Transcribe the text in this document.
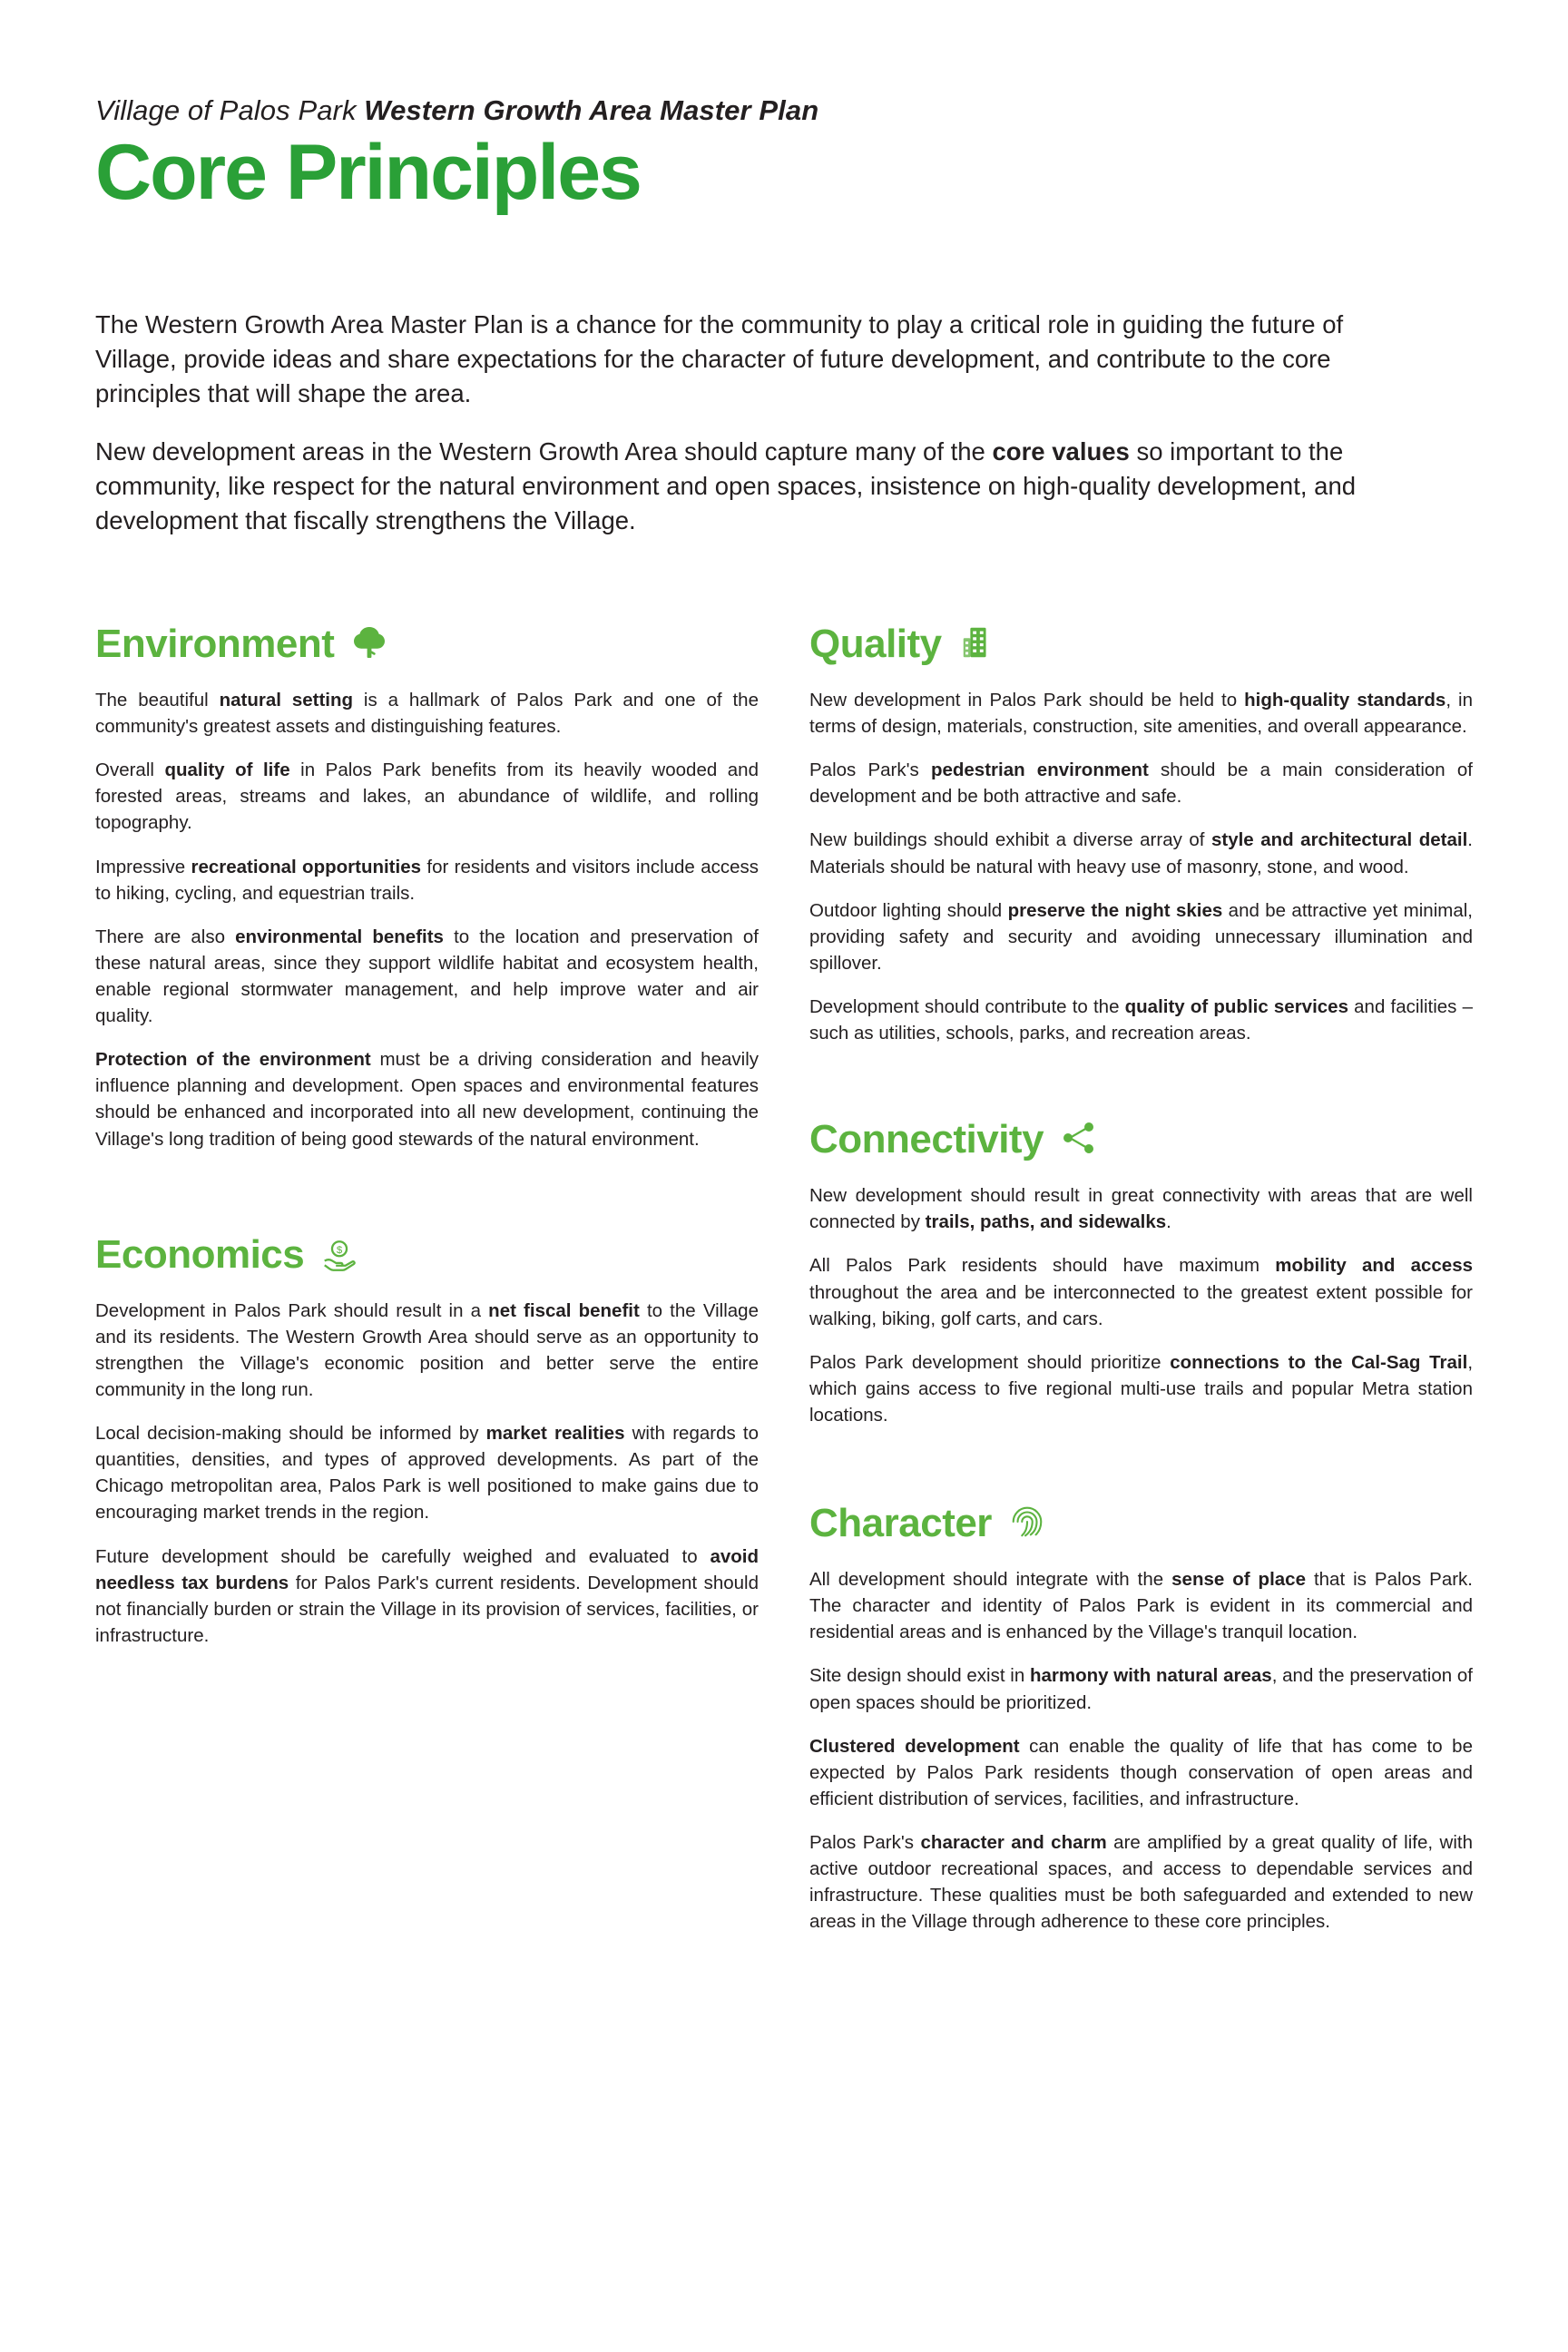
Village of Palos Park Western Growth Area Master Plan
Core Principles

The Western Growth Area Master Plan is a chance for the community to play a critical role in guiding the future of Village, provide ideas and share expectations for the character of future development, and contribute to the core principles that will shape the area.

New development areas in the Western Growth Area should capture many of the core values so important to the community, like respect for the natural environment and open spaces, insistence on high-quality development, and development that fiscally strengthens the Village.

Environment

The beautiful natural setting is a hallmark of Palos Park and one of the community's greatest assets and distinguishing features.

Overall quality of life in Palos Park benefits from its heavily wooded and forested areas, streams and lakes, an abundance of wildlife, and rolling topography.

Impressive recreational opportunities for residents and visitors include access to hiking, cycling, and equestrian trails.

There are also environmental benefits to the location and preservation of these natural areas, since they support wildlife habitat and ecosystem health, enable regional stormwater management, and help improve water and air quality.

Protection of the environment must be a driving consideration and heavily influence planning and development. Open spaces and environmental features should be enhanced and incorporated into all new development, continuing the Village's long tradition of being good stewards of the natural environment.

Economics	$

Development in Palos Park should result in a net fiscal benefit to the Village and its residents. The Western Growth Area should serve as an opportunity to strengthen the Village's economic position and better serve the entire community in the long run.

Local decision-making should be informed by market realities with regards to quantities, densities, and types of approved developments. As part of the Chicago metropolitan area, Palos Park is well positioned to make gains due to encouraging market trends in the region.

Future development should be carefully weighed and evaluated to avoid needless tax burdens for Palos Park's current residents. Development should not financially burden or strain the Village in its provision of services, facilities, or infrastructure.

Quality

New development in Palos Park should be held to high-quality standards, in terms of design, materials, construction, site amenities, and overall appearance.

Palos Park's pedestrian environment should be a main consideration of development and be both attractive and safe.

New buildings should exhibit a diverse array of style and architectural detail. Materials should be natural with heavy use of masonry, stone, and wood.

Outdoor lighting should preserve the night skies and be attractive yet minimal, providing safety and security and avoiding unnecessary illumination and spillover.

Development should contribute to the quality of public services and facilities – such as utilities, schools, parks, and recreation areas.

Connectivity

New development should result in great connectivity with areas that are well connected by trails, paths, and sidewalks.

All Palos Park residents should have maximum mobility and access throughout the area and be interconnected to the greatest extent possible for walking, biking, golf carts, and cars.

Palos Park development should prioritize connections to the Cal-Sag Trail, which gains access to five regional multi-use trails and popular Metra station locations.

Character

All development should integrate with the sense of place that is Palos Park. The character and identity of Palos Park is evident in its commercial and residential areas and is enhanced by the Village's tranquil location.

Site design should exist in harmony with natural areas, and the preservation of open spaces should be prioritized.

Clustered development can enable the quality of life that has come to be expected by Palos Park residents though conservation of open areas and efficient distribution of services, facilities, and infrastructure.

Palos Park's character and charm are amplified by a great quality of life, with active outdoor recreational spaces, and access to dependable services and infrastructure. These qualities must be both safeguarded and extended to new areas in the Village through adherence to these core principles.
